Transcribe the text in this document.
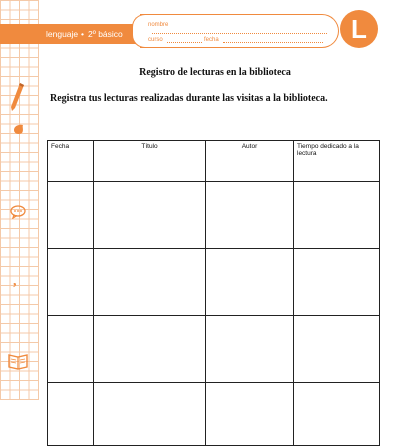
lenguaje • 2º básico
nombre
curso	fecha	L
,
Registro de lecturas en la biblioteca
Registra tus lecturas realizadas durante las visitas a la biblioteca.
Fecha	Título	Autor	Tiempo dedicado a la lectura
